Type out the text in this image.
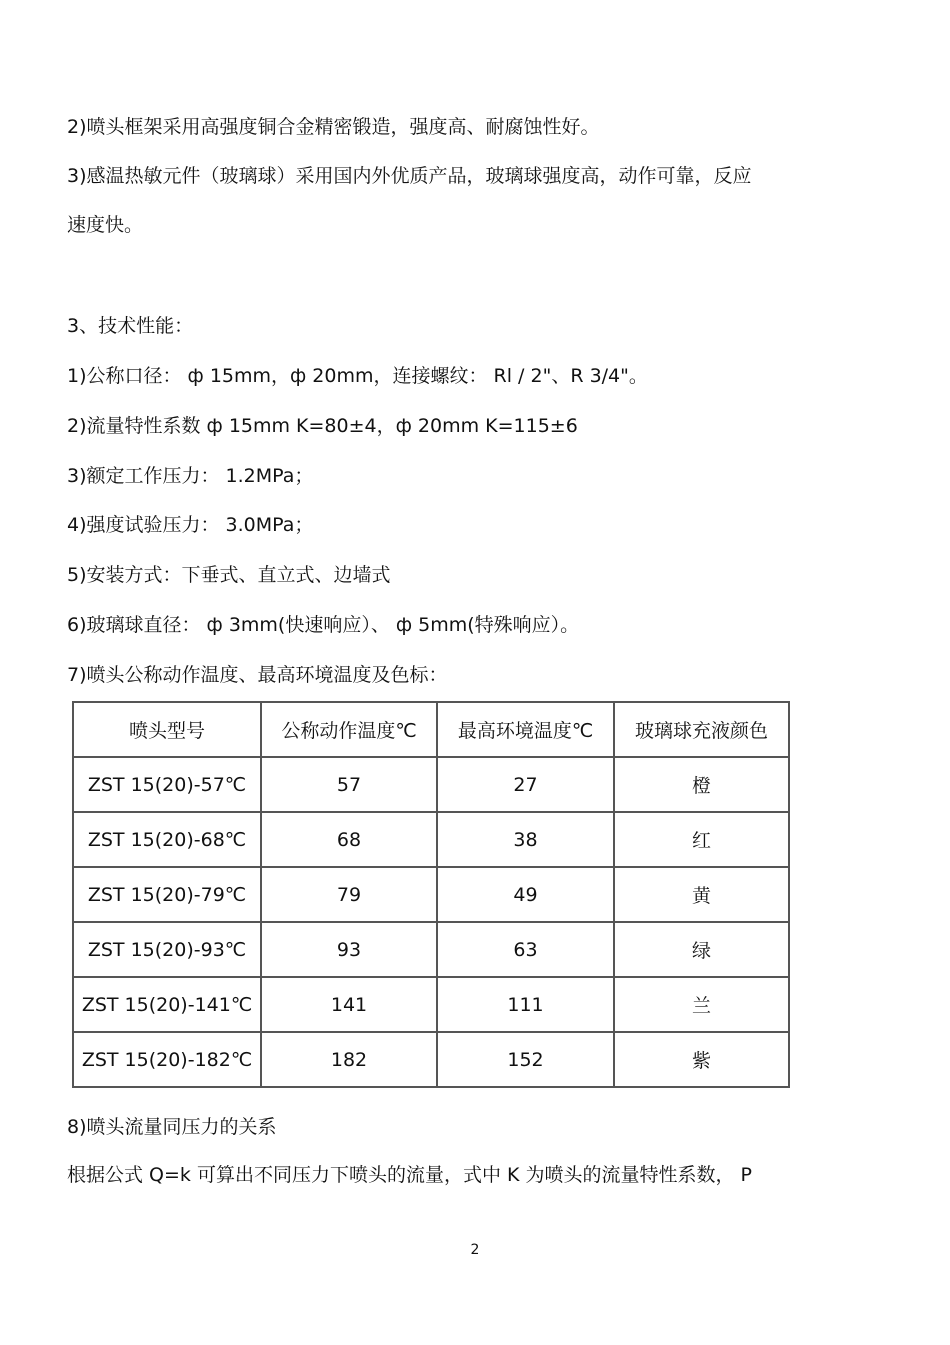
2)喷头框架采用高强度铜合金精密锻造，强度高、耐腐蚀性好。
3)感温热敏元件（玻璃球）采用国内外优质产品，玻璃球强度高，动作可靠，反应
速度快。
3、技术性能：
1)公称口径： ф 15mm，ф 20mm，连接螺纹： Rl / 2"、R 3/4"。
2)流量特性系数 ф 15mm K=80±4，ф 20mm K=115±6
3)额定工作压力： 1.2MPa；
4)强度试验压力： 3.0MPa；
5)安装方式：下垂式、直立式、边墙式
6)玻璃球直径： ф 3mm(快速响应）、 ф 5mm(特殊响应）。
7)喷头公称动作温度、最高环境温度及色标：
喷头型号	公称动作温度℃	最高环境温度℃	玻璃球充液颜色
ZST 15(20)-57℃	57	27	橙
ZST 15(20)-68℃	68	38	红
ZST 15(20)-79℃	79	49	黄
ZST 15(20)-93℃	93	63	绿
ZST 15(20)-141℃	141	111	兰
ZST 15(20)-182℃	182	152	紫
8)喷头流量同压力的关系
根据公式 Q=k 可算出不同压力下喷头的流量，式中 K 为喷头的流量特性系数， P
2
